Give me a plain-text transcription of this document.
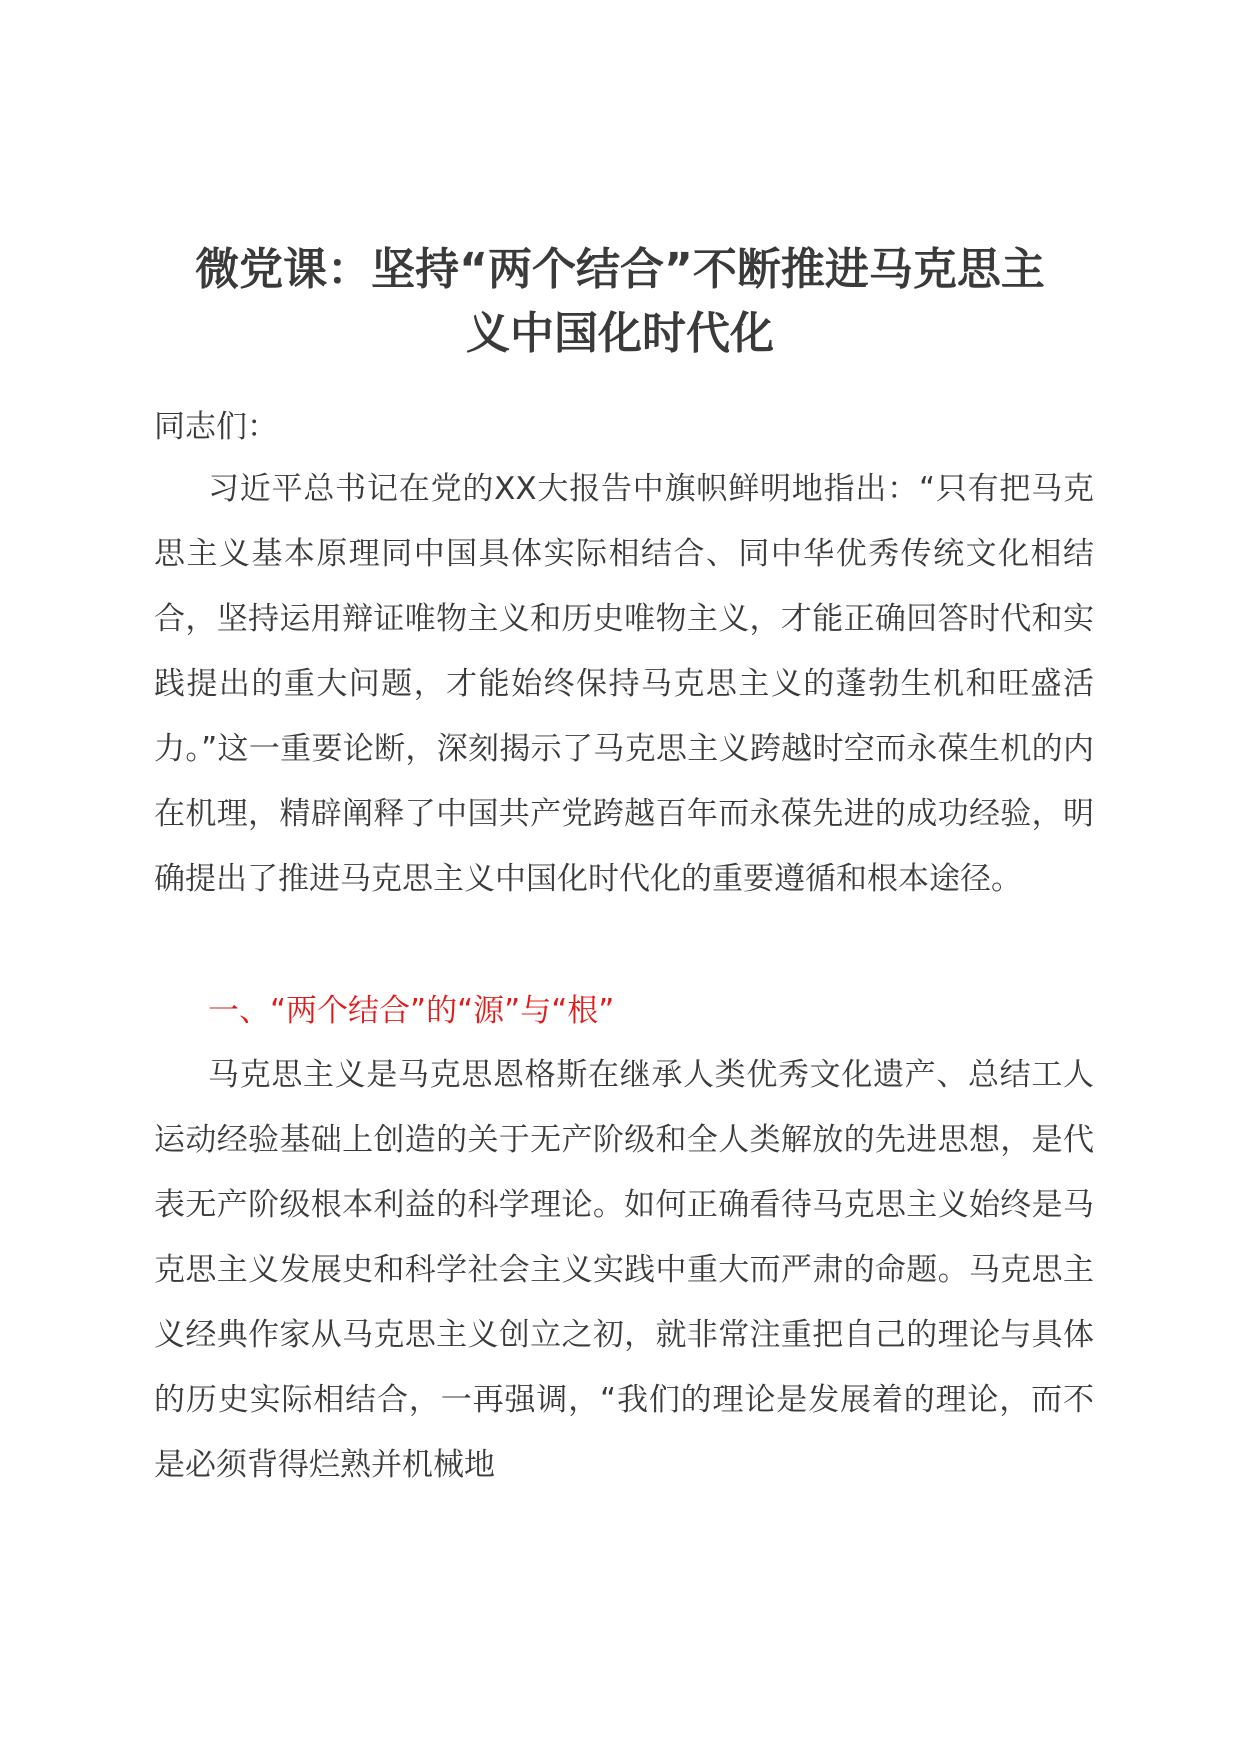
微党课：坚持“两个结合”不断推进马克思主
义中国化时代化

同志们：

习近平总书记在党的XX大报告中旗帜鲜明地指出：“只有把马克思主义基本原理同中国具体实际相结合、同中华优秀传统文化相结合，坚持运用辩证唯物主义和历史唯物主义，才能正确回答时代和实践提出的重大问题，才能始终保持马克思主义的蓬勃生机和旺盛活力。”这一重要论断，深刻揭示了马克思主义跨越时空而永葆生机的内在机理，精辟阐释了中国共产党跨越百年而永葆先进的成功经验，明确提出了推进马克思主义中国化时代化的重要遵循和根本途径。

一、“两个结合”的“源”与“根”

马克思主义是马克思恩格斯在继承人类优秀文化遗产、总结工人运动经验基础上创造的关于无产阶级和全人类解放的先进思想，是代表无产阶级根本利益的科学理论。如何正确看待马克思主义始终是马克思主义发展史和科学社会主义实践中重大而严肃的命题。马克思主义经典作家从马克思主义创立之初，就非常注重把自己的理论与具体的历史实际相结合，一再强调，“我们的理论是发展着的理论，而不是必须背得烂熟并机械地
